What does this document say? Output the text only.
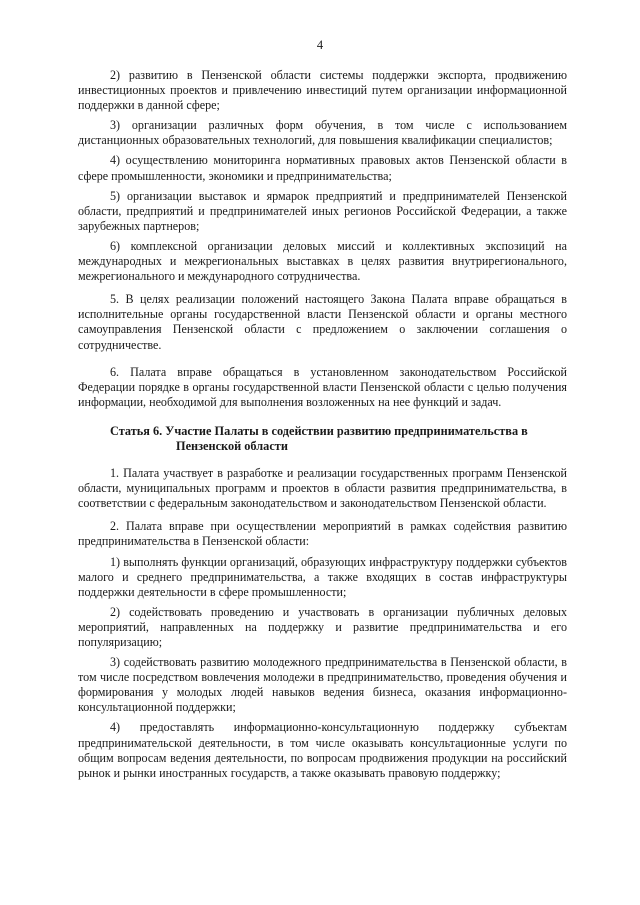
4

2) развитию в Пензенской области системы поддержки экспорта, продвижению инвестиционных проектов и привлечению инвестиций путем организации информационной поддержки в данной сфере;

3) организации различных форм обучения, в том числе с использованием дистанционных образовательных технологий, для повышения квалификации специалистов;

4) осуществлению мониторинга нормативных правовых актов Пензенской области в сфере промышленности, экономики и предпринимательства;

5) организации выставок и ярмарок предприятий и предпринимателей Пензенской области, предприятий и предпринимателей иных регионов Российской Федерации, а также зарубежных партнеров;

6) комплексной организации деловых миссий и коллективных экспозиций на международных и межрегиональных выставках в целях развития внутрирегионального, межрегионального и международного сотрудничества.

5. В целях реализации положений настоящего Закона Палата вправе обращаться в исполнительные органы государственной власти Пензенской области и органы местного самоуправления Пензенской области с предложением о заключении соглашения о сотрудничестве.

6. Палата вправе обращаться в установленном законодательством Российской Федерации порядке в органы государственной власти Пензенской области с целью получения информации, необходимой для выполнения возложенных на нее функций и задач.

Статья 6. Участие Палаты в содействии развитию предпринимательства в
Пензенской области

1. Палата участвует в разработке и реализации государственных программ Пензенской области, муниципальных программ и проектов в области развития предпринимательства, в соответствии с федеральным законодательством и законодательством Пензенской области.

2. Палата вправе при осуществлении мероприятий в рамках содействия развитию предпринимательства в Пензенской области:

1) выполнять функции организаций, образующих инфраструктуру поддержки субъектов малого и среднего предпринимательства, а также входящих в состав инфраструктуры поддержки деятельности в сфере промышленности;

2) содействовать проведению и участвовать в организации публичных деловых мероприятий, направленных на поддержку и развитие предпринимательства и его популяризацию;

3) содействовать развитию молодежного предпринимательства в Пензенской области, в том числе посредством вовлечения молодежи в предпринимательство, проведения обучения и формирования у молодых людей навыков ведения бизнеса, оказания информационно-консультационной поддержки;

4) предоставлять информационно-консультационную поддержку субъектам предпринимательской деятельности, в том числе оказывать консультационные услуги по общим вопросам ведения деятельности, по вопросам продвижения продукции на российский рынок и рынки иностранных государств, а также оказывать правовую поддержку;
